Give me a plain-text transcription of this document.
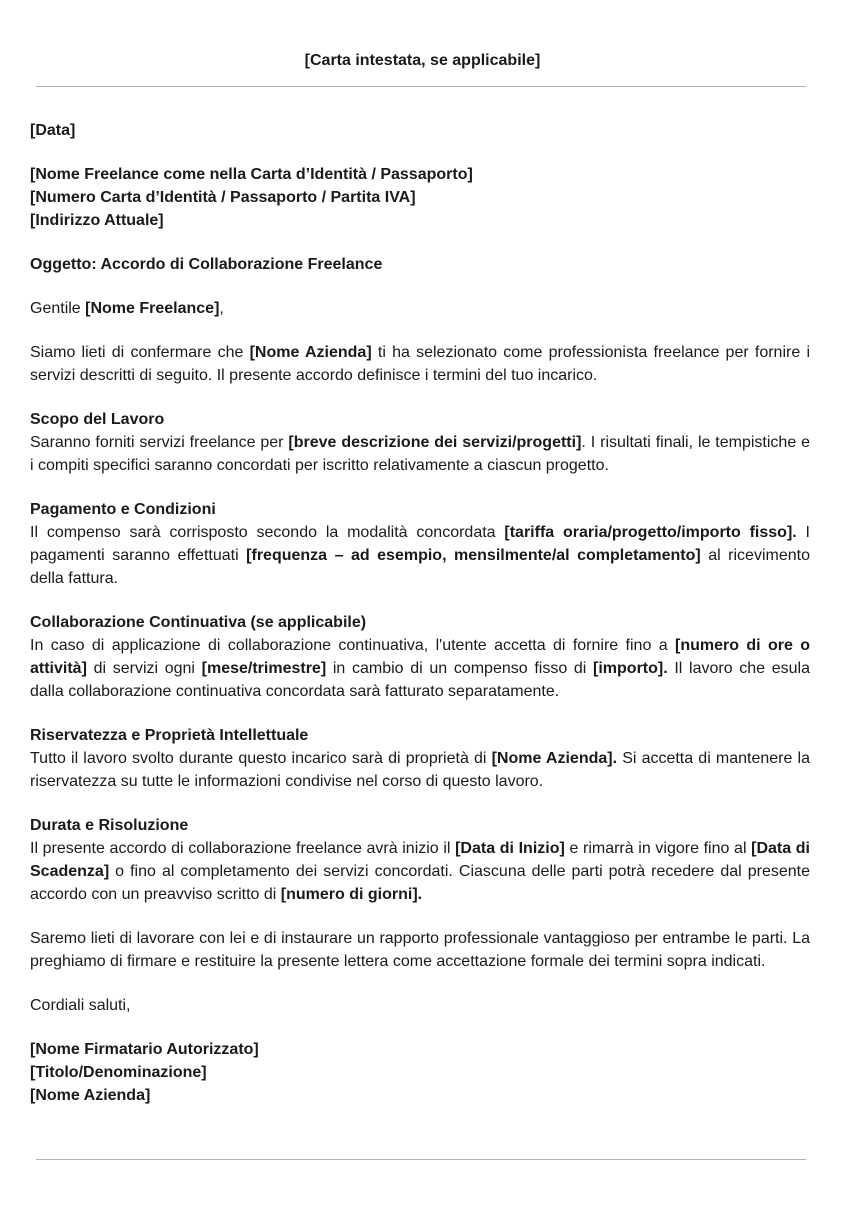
[Carta intestata, se applicabile]
[Data]
[Nome Freelance come nella Carta d’Identità / Passaporto]
[Numero Carta d’Identità / Passaporto / Partita IVA]
[Indirizzo Attuale]
Oggetto: Accordo di Collaborazione Freelance
Gentile [Nome Freelance],
Siamo lieti di confermare che [Nome Azienda] ti ha selezionato come professionista freelance per fornire i servizi descritti di seguito. Il presente accordo definisce i termini del tuo incarico.
Scopo del Lavoro
Saranno forniti servizi freelance per [breve descrizione dei servizi/progetti]. I risultati finali, le tempistiche e i compiti specifici saranno concordati per iscritto relativamente a ciascun progetto.
Pagamento e Condizioni
Il compenso sarà corrisposto secondo la modalità concordata [tariffa oraria/progetto/importo fisso]. I pagamenti saranno effettuati [frequenza – ad esempio, mensilmente/al completamento] al ricevimento della fattura.
Collaborazione Continuativa (se applicabile)
In caso di applicazione di collaborazione continuativa, l'utente accetta di fornire fino a [numero di ore o attività] di servizi ogni [mese/trimestre] in cambio di un compenso fisso di [importo]. Il lavoro che esula dalla collaborazione continuativa concordata sarà fatturato separatamente.
Riservatezza e Proprietà Intellettuale
Tutto il lavoro svolto durante questo incarico sarà di proprietà di [Nome Azienda]. Si accetta di mantenere la riservatezza su tutte le informazioni condivise nel corso di questo lavoro.
Durata e Risoluzione
Il presente accordo di collaborazione freelance avrà inizio il [Data di Inizio] e rimarrà in vigore fino al [Data di Scadenza] o fino al completamento dei servizi concordati. Ciascuna delle parti potrà recedere dal presente accordo con un preavviso scritto di [numero di giorni].
Saremo lieti di lavorare con lei e di instaurare un rapporto professionale vantaggioso per entrambe le parti. La preghiamo di firmare e restituire la presente lettera come accettazione formale dei termini sopra indicati.
Cordiali saluti,
[Nome Firmatario Autorizzato]
[Titolo/Denominazione]
[Nome Azienda]
